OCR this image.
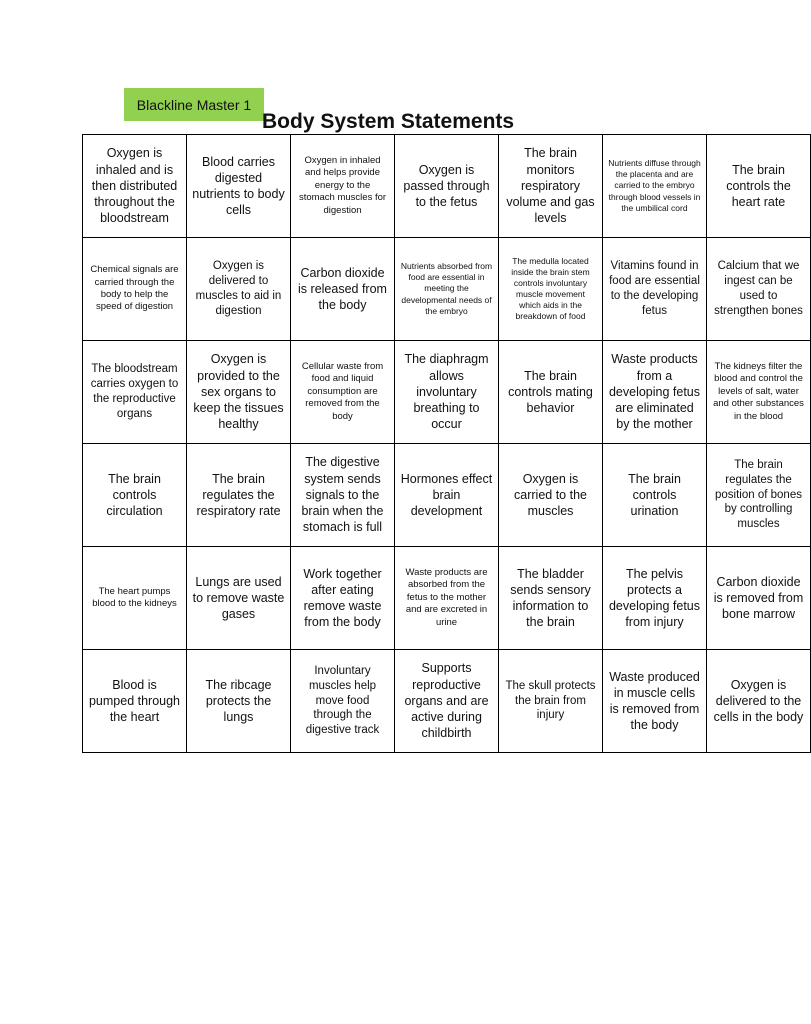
Blackline Master 1
Body System Statements
Oxygen is inhaled and is then distributed throughout the bloodstream	Blood carries digested nutrients to body cells	Oxygen in inhaled and helps provide energy to the stomach muscles for digestion	Oxygen is passed through to the fetus	The brain monitors respiratory volume and gas levels	Nutrients diffuse through the placenta and are carried to the embryo through blood vessels in the umbilical cord	The brain controls the heart rate
Chemical signals are carried through the body to help the speed of digestion	Oxygen is delivered to muscles to aid in digestion	Carbon dioxide is released from the body	Nutrients absorbed from food are essential in meeting the developmental needs of the embryo	The medulla located inside the brain stem controls involuntary muscle movement which aids in the breakdown of food	Vitamins found in food are essential to the developing fetus	Calcium that we ingest can be used to strengthen bones
The bloodstream carries oxygen to the reproductive organs	Oxygen is provided to the sex organs to keep the tissues healthy	Cellular waste from food and liquid consumption are removed from the body	The diaphragm allows involuntary breathing to occur	The brain controls mating behavior	Waste products from a developing fetus are eliminated by the mother	The kidneys filter the blood and control the levels of salt, water and other substances in the blood
The brain controls circulation	The brain regulates the respiratory rate	The digestive system sends signals to the brain when the stomach is full	Hormones effect brain development	Oxygen is carried to the muscles	The brain controls urination	The brain regulates the position of bones by controlling muscles
The heart pumps blood to the kidneys	Lungs are used to remove waste gases	Work together after eating remove waste from the body	Waste products are absorbed from the fetus to the mother and are excreted in urine	The bladder sends sensory information to the brain	The pelvis protects a developing fetus from injury	Carbon dioxide is removed from bone marrow
Blood is pumped through the heart	The ribcage protects the lungs	Involuntary muscles help move food through the digestive track	Supports reproductive organs and are active during childbirth	The skull protects the brain from injury	Waste produced in muscle cells is removed from the body	Oxygen is delivered to the cells in the body
